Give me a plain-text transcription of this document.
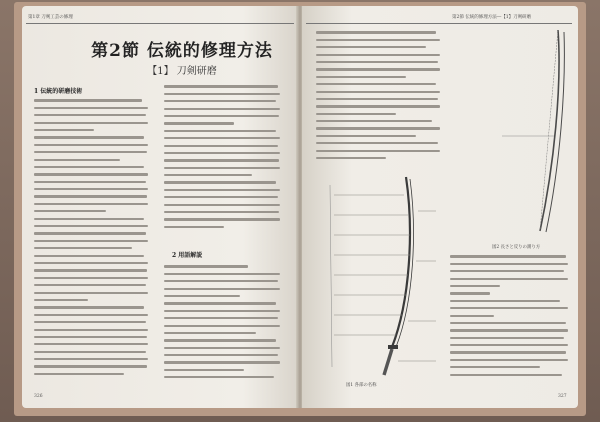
第1章 刀剣工芸の修理
第2節 伝統的修理方法
【1】 刀剣研磨
1 伝統的研磨技術
2 用語解説
326
第2節 伝統的修理方法―【1】刀剣研磨
図2 長さと反りの測り方
図1 各部の名称
327
